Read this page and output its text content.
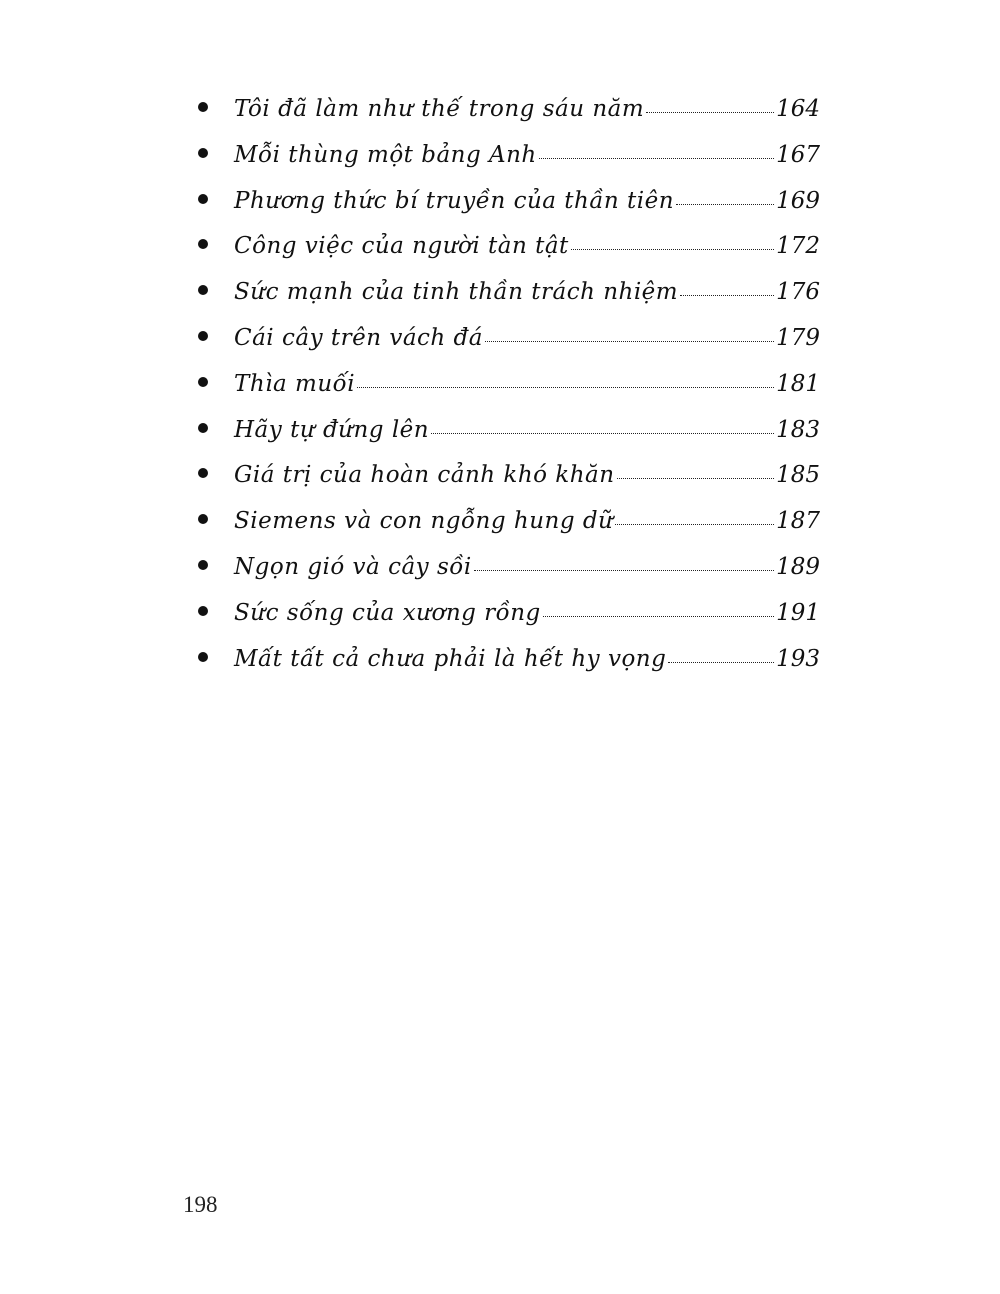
Tôi đã làm như thế trong sáu năm	164
Mỗi thùng một bảng Anh	167
Phương thức bí truyền của thần tiên	169
Công việc của người tàn tật	172
Sức mạnh của tinh thần trách nhiệm	176
Cái cây trên vách đá	179
Thìa muối	181
Hãy tự đứng lên	183
Giá trị của hoàn cảnh khó khăn	185
Siemens và con ngỗng hung dữ	187
Ngọn gió và cây sồi	189
Sức sống của xương rồng	191
Mất tất cả chưa phải là hết hy vọng	193
198
